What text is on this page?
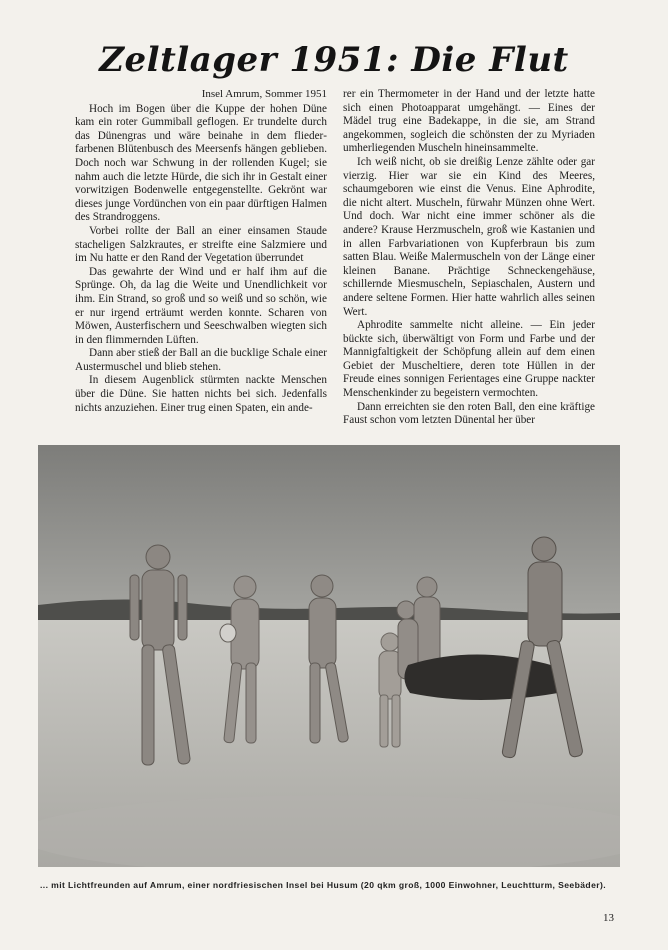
Zeltlager 1951: Die Flut
Insel Amrum, Sommer 1951

Hoch im Bogen über die Kuppe der hohen Düne kam ein roter Gummiball geflogen. Er trundelte durch das Dünengras und wäre beinahe in dem fliederfarbenen Blütenbusch des Meersenfs hängen geblieben. Doch noch war Schwung in der rollenden Kugel; sie nahm auch die letzte Hürde, die sich ihr in Gestalt einer vorwitzigen Bodenwelle entgegenstellte. Gekrönt war dieses junge Vordünchen von ein paar dürftigen Halmen des Strandroggens.

Vorbei rollte der Ball an einer einsamen Staude stacheligen Salzkrautes, er streifte eine Salzmiere und im Nu hatte er den Rand der Vegetation überrundet

Das gewahrte der Wind und er half ihm auf die Sprünge. Oh, da lag die Weite und Unendlichkeit vor ihm. Ein Strand, so groß und so weiß und so schön, wie er nur irgend erträumt werden konnte. Scharen von Möwen, Austerfischern und Seeschwalben wiegten sich in den flimmernden Lüften.

Dann aber stieß der Ball an die bucklige Schale einer Austermuschel und blieb stehen.

In diesem Augenblick stürmten nackte Menschen über die Düne. Sie hatten nichts bei sich. Jedenfalls nichts anzuziehen. Einer trug einen Spaten, ein ande-

rer ein Thermometer in der Hand und der letzte hatte sich einen Photoapparat umgehängt. — Eines der Mädel trug eine Badekappe, in die sie, am Strand angekommen, sogleich die schönsten der zu Myriaden umherliegenden Muscheln hineinsammelte.

Ich weiß nicht, ob sie dreißig Lenze zählte oder gar vierzig. Hier war sie ein Kind des Meeres, schaumgeboren wie einst die Venus. Eine Aphrodite, die nicht altert. Muscheln, fürwahr Münzen ohne Wert. Und doch. War nicht eine immer schöner als die andere? Krause Herzmuscheln, groß wie Kastanien und in allen Farbvariationen von Kupferbraun bis zum satten Blau. Weiße Malermuscheln von der Länge einer kleinen Banane. Prächtige Schneckengehäuse, schillernde Miesmuscheln, Sepiaschalen, Austern und andere seltene Formen. Hier hatte wahrlich alles seinen Wert.

Aphrodite sammelte nicht alleine. — Ein jeder bückte sich, überwältigt von Form und Farbe und der Mannigfaltigkeit der Schöpfung allein auf dem einen Gebiet der Muscheltiere, deren tote Hüllen in der Freude eines sonnigen Ferientages eine Gruppe nackter Menschenkinder zu begeistern vermochten.

Dann erreichten sie den roten Ball, den eine kräftige Faust schon vom letzten Dünental her über

... mit Lichtfreunden auf Amrum, einer nordfriesischen Insel bei Husum (20 qkm groß, 1000 Einwohner, Leuchtturm, Seebäder).
13
